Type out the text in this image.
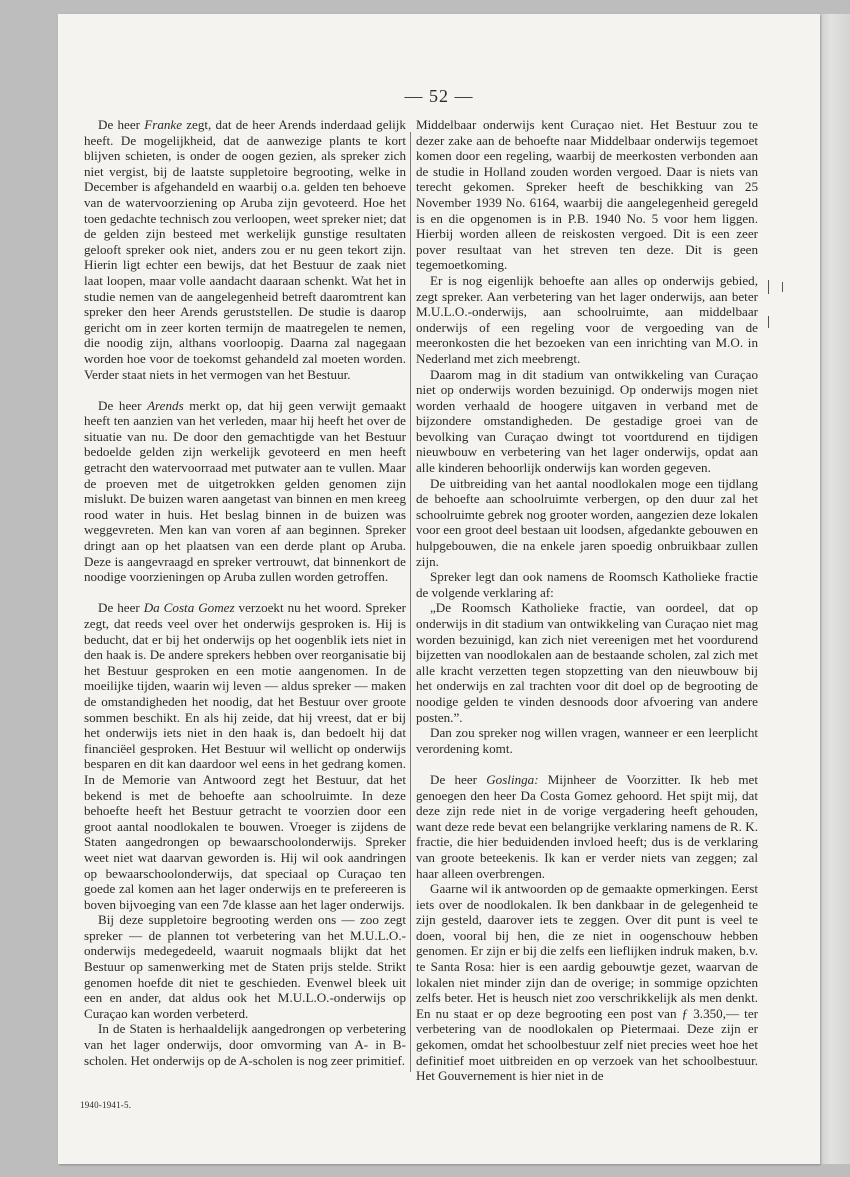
— 52 —

De heer Franke zegt, dat de heer Arends inderdaad gelijk heeft. De mogelijkheid, dat de aanwezige plants te kort blijven schieten, is onder de oogen gezien, als spreker zich niet vergist, bij de laatste suppletoire begrooting, welke in December is afgehandeld en waarbij o.a. gelden ten behoeve van de watervoorziening op Aruba zijn gevoteerd. Hoe het toen gedachte technisch zou verloopen, weet spreker niet; dat de gelden zijn besteed met werkelijk gunstige resultaten gelooft spreker ook niet, anders zou er nu geen tekort zijn. Hierin ligt echter een bewijs, dat het Bestuur de zaak niet laat loopen, maar volle aandacht daaraan schenkt. Wat het in studie nemen van de aangelegenheid betreft daaromtrent kan spreker den heer Arends geruststellen. De studie is daarop gericht om in zeer korten termijn de maatregelen te nemen, die noodig zijn, althans voorloopig. Daarna zal nagegaan worden hoe voor de toekomst gehandeld zal moeten worden. Verder staat niets in het vermogen van het Bestuur.

De heer Arends merkt op, dat hij geen verwijt gemaakt heeft ten aanzien van het verleden, maar hij heeft het over de situatie van nu. De door den gemachtigde van het Bestuur bedoelde gelden zijn werkelijk gevoteerd en men heeft getracht den watervoorraad met putwater aan te vullen. Maar de proeven met de uitgetrokken gelden genomen zijn mislukt. De buizen waren aangetast van binnen en men kreeg rood water in huis. Het beslag binnen in de buizen was weggevreten. Men kan van voren af aan beginnen. Spreker dringt aan op het plaatsen van een derde plant op Aruba. Deze is aangevraagd en spreker vertrouwt, dat binnenkort de noodige voorzieningen op Aruba zullen worden getroffen.

De heer Da Costa Gomez verzoekt nu het woord. Spreker zegt, dat reeds veel over het onderwijs gesproken is. Hij is beducht, dat er bij het onderwijs op het oogenblik iets niet in den haak is. De andere sprekers hebben over reorganisatie bij het Bestuur gesproken en een motie aangenomen. In de moeilijke tijden, waarin wij leven — aldus spreker — maken de omstandigheden het noodig, dat het Bestuur over groote sommen beschikt. En als hij zeide, dat hij vreest, dat er bij het onderwijs iets niet in den haak is, dan bedoelt hij dat financiëel gesproken. Het Bestuur wil wellicht op onderwijs besparen en dit kan daardoor wel eens in het gedrang komen. In de Memorie van Antwoord zegt het Bestuur, dat het bekend is met de behoefte aan schoolruimte. In deze behoefte heeft het Bestuur getracht te voorzien door een groot aantal noodlokalen te bouwen. Vroeger is zijdens de Staten aangedrongen op bewaarschoolonderwijs. Spreker weet niet wat daarvan geworden is. Hij wil ook aandringen op bewaarschoolonderwijs, dat speciaal op Curaçao ten goede zal komen aan het lager onderwijs en te prefereeren is boven bijvoeging van een 7de klasse aan het lager onderwijs.

Bij deze suppletoire begrooting werden ons — zoo zegt spreker — de plannen tot verbetering van het M.U.L.O.-onderwijs medegedeeld, waaruit nogmaals blijkt dat het Bestuur op samenwerking met de Staten prijs stelde. Strikt genomen hoefde dit niet te geschieden. Evenwel bleek uit een en ander, dat aldus ook het M.U.L.O.-onderwijs op Curaçao kan worden verbeterd.

In de Staten is herhaaldelijk aangedrongen op verbetering van het lager onderwijs, door omvorming van A- in B- scholen. Het onderwijs op de A-scholen is nog zeer primitief.

Middelbaar onderwijs kent Curaçao niet. Het Bestuur zou te dezer zake aan de behoefte naar Middelbaar onderwijs tegemoet komen door een regeling, waarbij de meerkosten verbonden aan de studie in Holland zouden worden vergoed. Daar is niets van terecht gekomen. Spreker heeft de beschikking van 25 November 1939 No. 6164, waarbij die aangelegenheid geregeld is en die opgenomen is in P.B. 1940 No. 5 voor hem liggen. Hierbij worden alleen de reiskosten vergoed. Dit is een zeer pover resultaat van het streven ten deze. Dit is geen tegemoetkoming.

Er is nog eigenlijk behoefte aan alles op onderwijs gebied, zegt spreker. Aan verbetering van het lager onderwijs, aan beter M.U.L.O.-onderwijs, aan schoolruimte, aan middelbaar onderwijs of een regeling voor de vergoeding van de meeronkosten die het bezoeken van een inrichting van M.O. in Nederland met zich meebrengt.

Daarom mag in dit stadium van ontwikkeling van Curaçao niet op onderwijs worden bezuinigd. Op onderwijs mogen niet worden verhaald de hoogere uitgaven in verband met de bijzondere omstandigheden. De gestadige groei van de bevolking van Curaçao dwingt tot voortdurend en tijdigen nieuwbouw en verbetering van het lager onderwijs, opdat aan alle kinderen behoorlijk onderwijs kan worden gegeven.

De uitbreiding van het aantal noodlokalen moge een tijdlang de behoefte aan schoolruimte verbergen, op den duur zal het schoolruimte gebrek nog grooter worden, aangezien deze lokalen voor een groot deel bestaan uit loodsen, afgedankte gebouwen en hulpgebouwen, die na enkele jaren spoedig onbruikbaar zullen zijn.

Spreker legt dan ook namens de Roomsch Katholieke fractie de volgende verklaring af:

„De Roomsch Katholieke fractie, van oordeel, dat op onderwijs in dit stadium van ontwikkeling van Curaçao niet mag worden bezuinigd, kan zich niet vereenigen met het voordurend bijzetten van noodlokalen aan de bestaande scholen, zal zich met alle kracht verzetten tegen stopzetting van den nieuwbouw bij het onderwijs en zal trachten voor dit doel op de begrooting de noodige gelden te vinden desnoods door afvoering van andere posten.”.

Dan zou spreker nog willen vragen, wanneer er een leerplicht verordening komt.

De heer Goslinga: Mijnheer de Voorzitter. Ik heb met genoegen den heer Da Costa Gomez gehoord. Het spijt mij, dat deze zijn rede niet in de vorige vergadering heeft gehouden, want deze rede bevat een belangrijke verklaring namens de R. K. fractie, die hier beduidenden invloed heeft; dus is de verklaring van groote beteekenis. Ik kan er verder niets van zeggen; zal haar alleen overbrengen.

Gaarne wil ik antwoorden op de gemaakte opmerkingen. Eerst iets over de noodlokalen. Ik ben dankbaar in de gelegenheid te zijn gesteld, daarover iets te zeggen. Over dit punt is veel te doen, vooral bij hen, die ze niet in oogenschouw hebben genomen. Er zijn er bij die zelfs een lieflijken indruk maken, b.v. te Santa Rosa: hier is een aardig gebouwtje gezet, waarvan de lokalen niet minder zijn dan de overige; in sommige opzichten zelfs beter. Het is heusch niet zoo verschrikkelijk als men denkt. En nu staat er op deze begrooting een post van ƒ 3.350,— ter verbetering van de noodlokalen op Pietermaai. Deze zijn er gekomen, omdat het schoolbestuur zelf niet precies weet hoe het definitief moet uitbreiden en op verzoek van het schoolbestuur. Het Gouvernement is hier niet in de

1940-1941-5.
